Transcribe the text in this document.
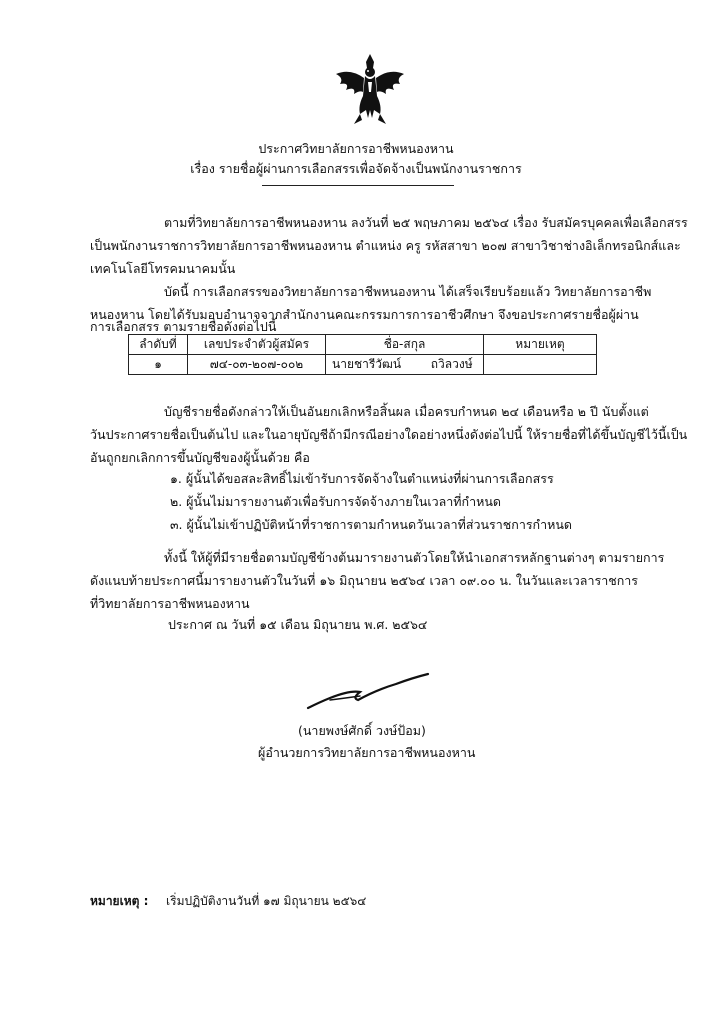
ประกาศวิทยาลัยการอาชีพหนองหาน
เรื่อง รายชื่อผู้ผ่านการเลือกสรรเพื่อจัดจ้างเป็นพนักงานราชการ
ตามที่วิทยาลัยการอาชีพหนองหาน ลงวันที่ ๒๕ พฤษภาคม ๒๕๖๔ เรื่อง รับสมัครบุคคลเพื่อเลือกสรร
เป็นพนักงานราชการวิทยาลัยการอาชีพหนองหาน ตำแหน่ง ครู รหัสสาขา ๒๐๗ สาขาวิชาช่างอิเล็กทรอนิกส์และ
เทคโนโลยีโทรคมนาคมนั้น
บัดนี้ การเลือกสรรของวิทยาลัยการอาชีพหนองหาน ได้เสร็จเรียบร้อยแล้ว วิทยาลัยการอาชีพ
หนองหาน โดยได้รับมอบอำนาจจากสำนักงานคณะกรรมการการอาชีวศึกษา จึงขอประกาศรายชื่อผู้ผ่าน
การเลือกสรร ตามรายชื่อดังต่อไปนี้
ลำดับที่	เลขประจำตัวผู้สมัคร	ชื่อ-สกุล	หมายเหตุ
๑	๗๔-๐๓-๒๐๗-๐๐๒	นายชารีวัฒน์ ถวิลวงษ์	
บัญชีรายชื่อดังกล่าวให้เป็นอันยกเลิกหรือสิ้นผล เมื่อครบกำหนด ๒๔ เดือนหรือ ๒ ปี นับตั้งแต่
วันประกาศรายชื่อเป็นต้นไป และในอายุบัญชีถ้ามีกรณีอย่างใดอย่างหนึ่งดังต่อไปนี้ ให้รายชื่อที่ได้ขึ้นบัญชีไว้นี้เป็น
อันถูกยกเลิกการขึ้นบัญชีของผู้นั้นด้วย คือ
๑. ผู้นั้นได้ขอสละสิทธิ์ไม่เข้ารับการจัดจ้างในตำแหน่งที่ผ่านการเลือกสรร
๒. ผู้นั้นไม่มารายงานตัวเพื่อรับการจัดจ้างภายในเวลาที่กำหนด
๓. ผู้นั้นไม่เข้าปฏิบัติหน้าที่ราชการตามกำหนดวันเวลาที่ส่วนราชการกำหนด
ทั้งนี้ ให้ผู้ที่มีรายชื่อตามบัญชีข้างต้นมารายงานตัวโดยให้นำเอกสารหลักฐานต่างๆ ตามรายการ
ดังแนบท้ายประกาศนี้มารายงานตัวในวันที่ ๑๖ มิถุนายน ๒๕๖๔ เวลา ๐๙.๐๐ น. ในวันและเวลาราชการ
ที่วิทยาลัยการอาชีพหนองหาน
ประกาศ ณ วันที่ ๑๕ เดือน มิถุนายน พ.ศ. ๒๕๖๔
(นายพงษ์ศักดิ์ วงษ์ป้อม)
ผู้อำนวยการวิทยาลัยการอาชีพหนองหาน
หมายเหตุ : เริ่มปฏิบัติงานวันที่ ๑๗ มิถุนายน ๒๕๖๔
